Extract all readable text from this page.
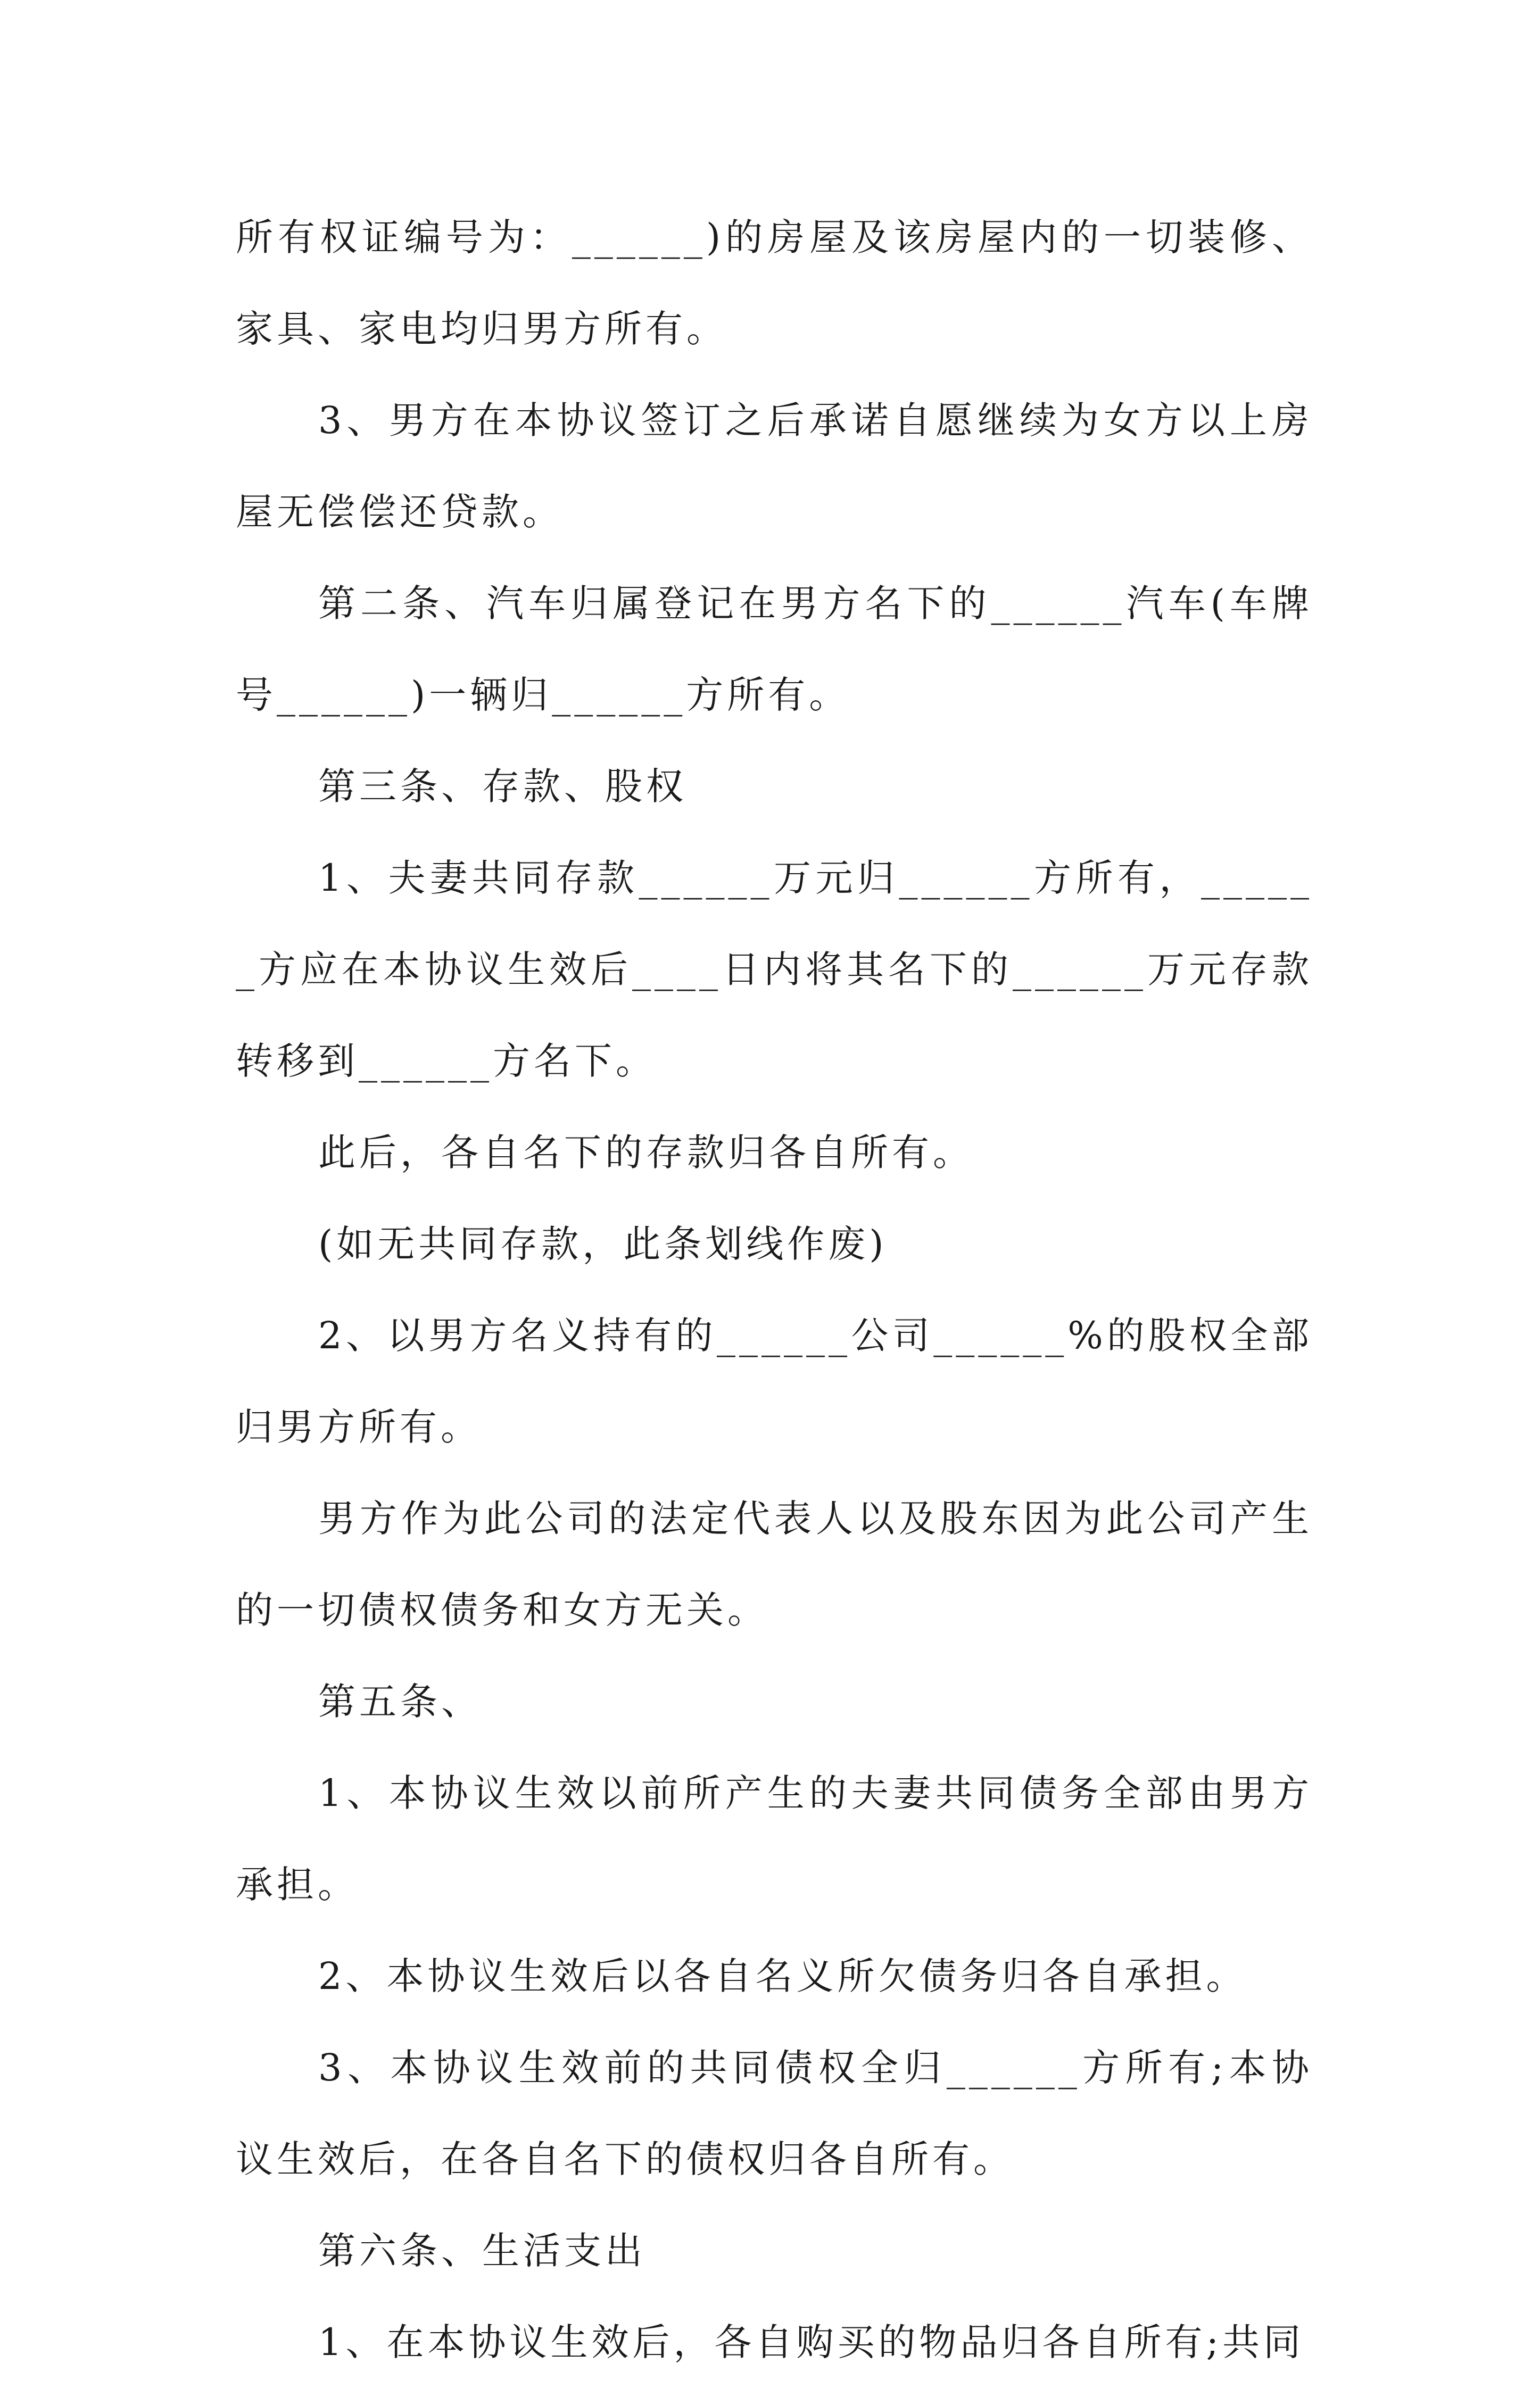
所有权证编号为：______)的房屋及该房屋内的一切装修、家具、家电均归男方所有。

3、男方在本协议签订之后承诺自愿继续为女方以上房屋无偿偿还贷款。

第二条、汽车归属登记在男方名下的______汽车(车牌号______)一辆归______方所有。

第三条、存款、股权

1、夫妻共同存款______万元归______方所有，______方应在本协议生效后____日内将其名下的______万元存款转移到______方名下。

此后，各自名下的存款归各自所有。

(如无共同存款，此条划线作废)

2、以男方名义持有的______公司______%的股权全部归男方所有。

男方作为此公司的法定代表人以及股东因为此公司产生的一切债权债务和女方无关。

第五条、

1、本协议生效以前所产生的夫妻共同债务全部由男方承担。

2、本协议生效后以各自名义所欠债务归各自承担。

3、本协议生效前的共同债权全归______方所有;本协议生效后，在各自名下的债权归各自所有。

第六条、生活支出

1、在本协议生效后，各自购买的物品归各自所有;共同
